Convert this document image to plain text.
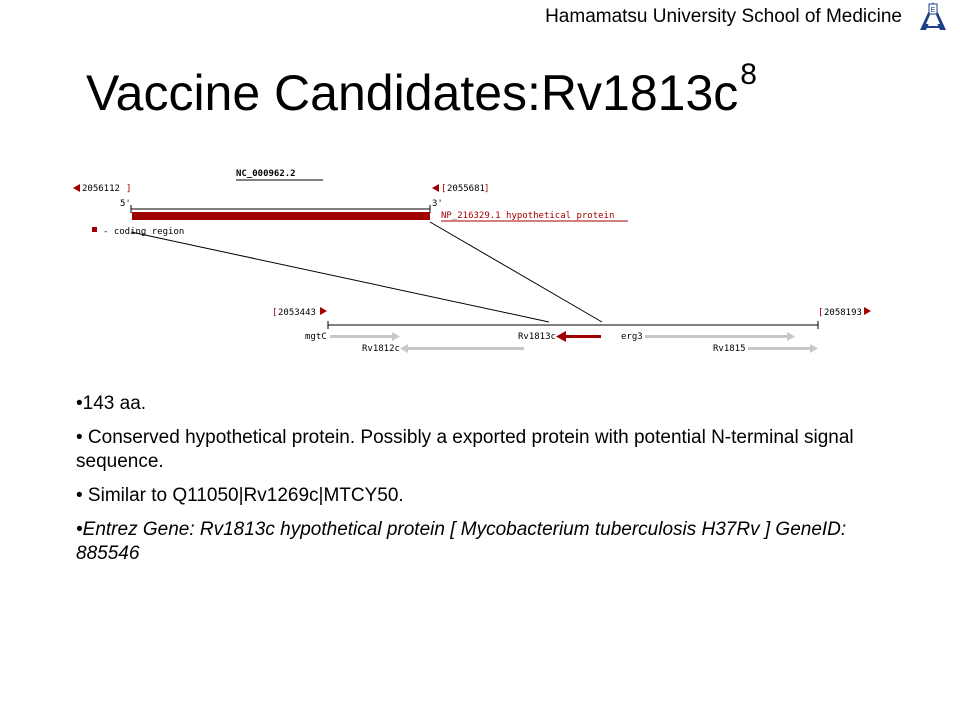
Hamamatsu University School of Medicine	E
Vaccine $Candidates:Rv1813c^8$
NC_000962.2
2056112 ]	[ 2055681 ]
5'	3'
NP_216329.1 hypothetical protein
- coding region
[ 2053443	[ 2058193
mgtC	Rv1813c	erg3
Rv1812c	Rv1815

•143 aa.

• Conserved hypothetical protein. Possibly a exported protein with potential N-terminal signal sequence.

• Similar to Q11050|Rv1269c|MTCY50.

•Entrez Gene: Rv1813c hypothetical protein [ Mycobacterium tuberculosis H37Rv ] GeneID: 885546
